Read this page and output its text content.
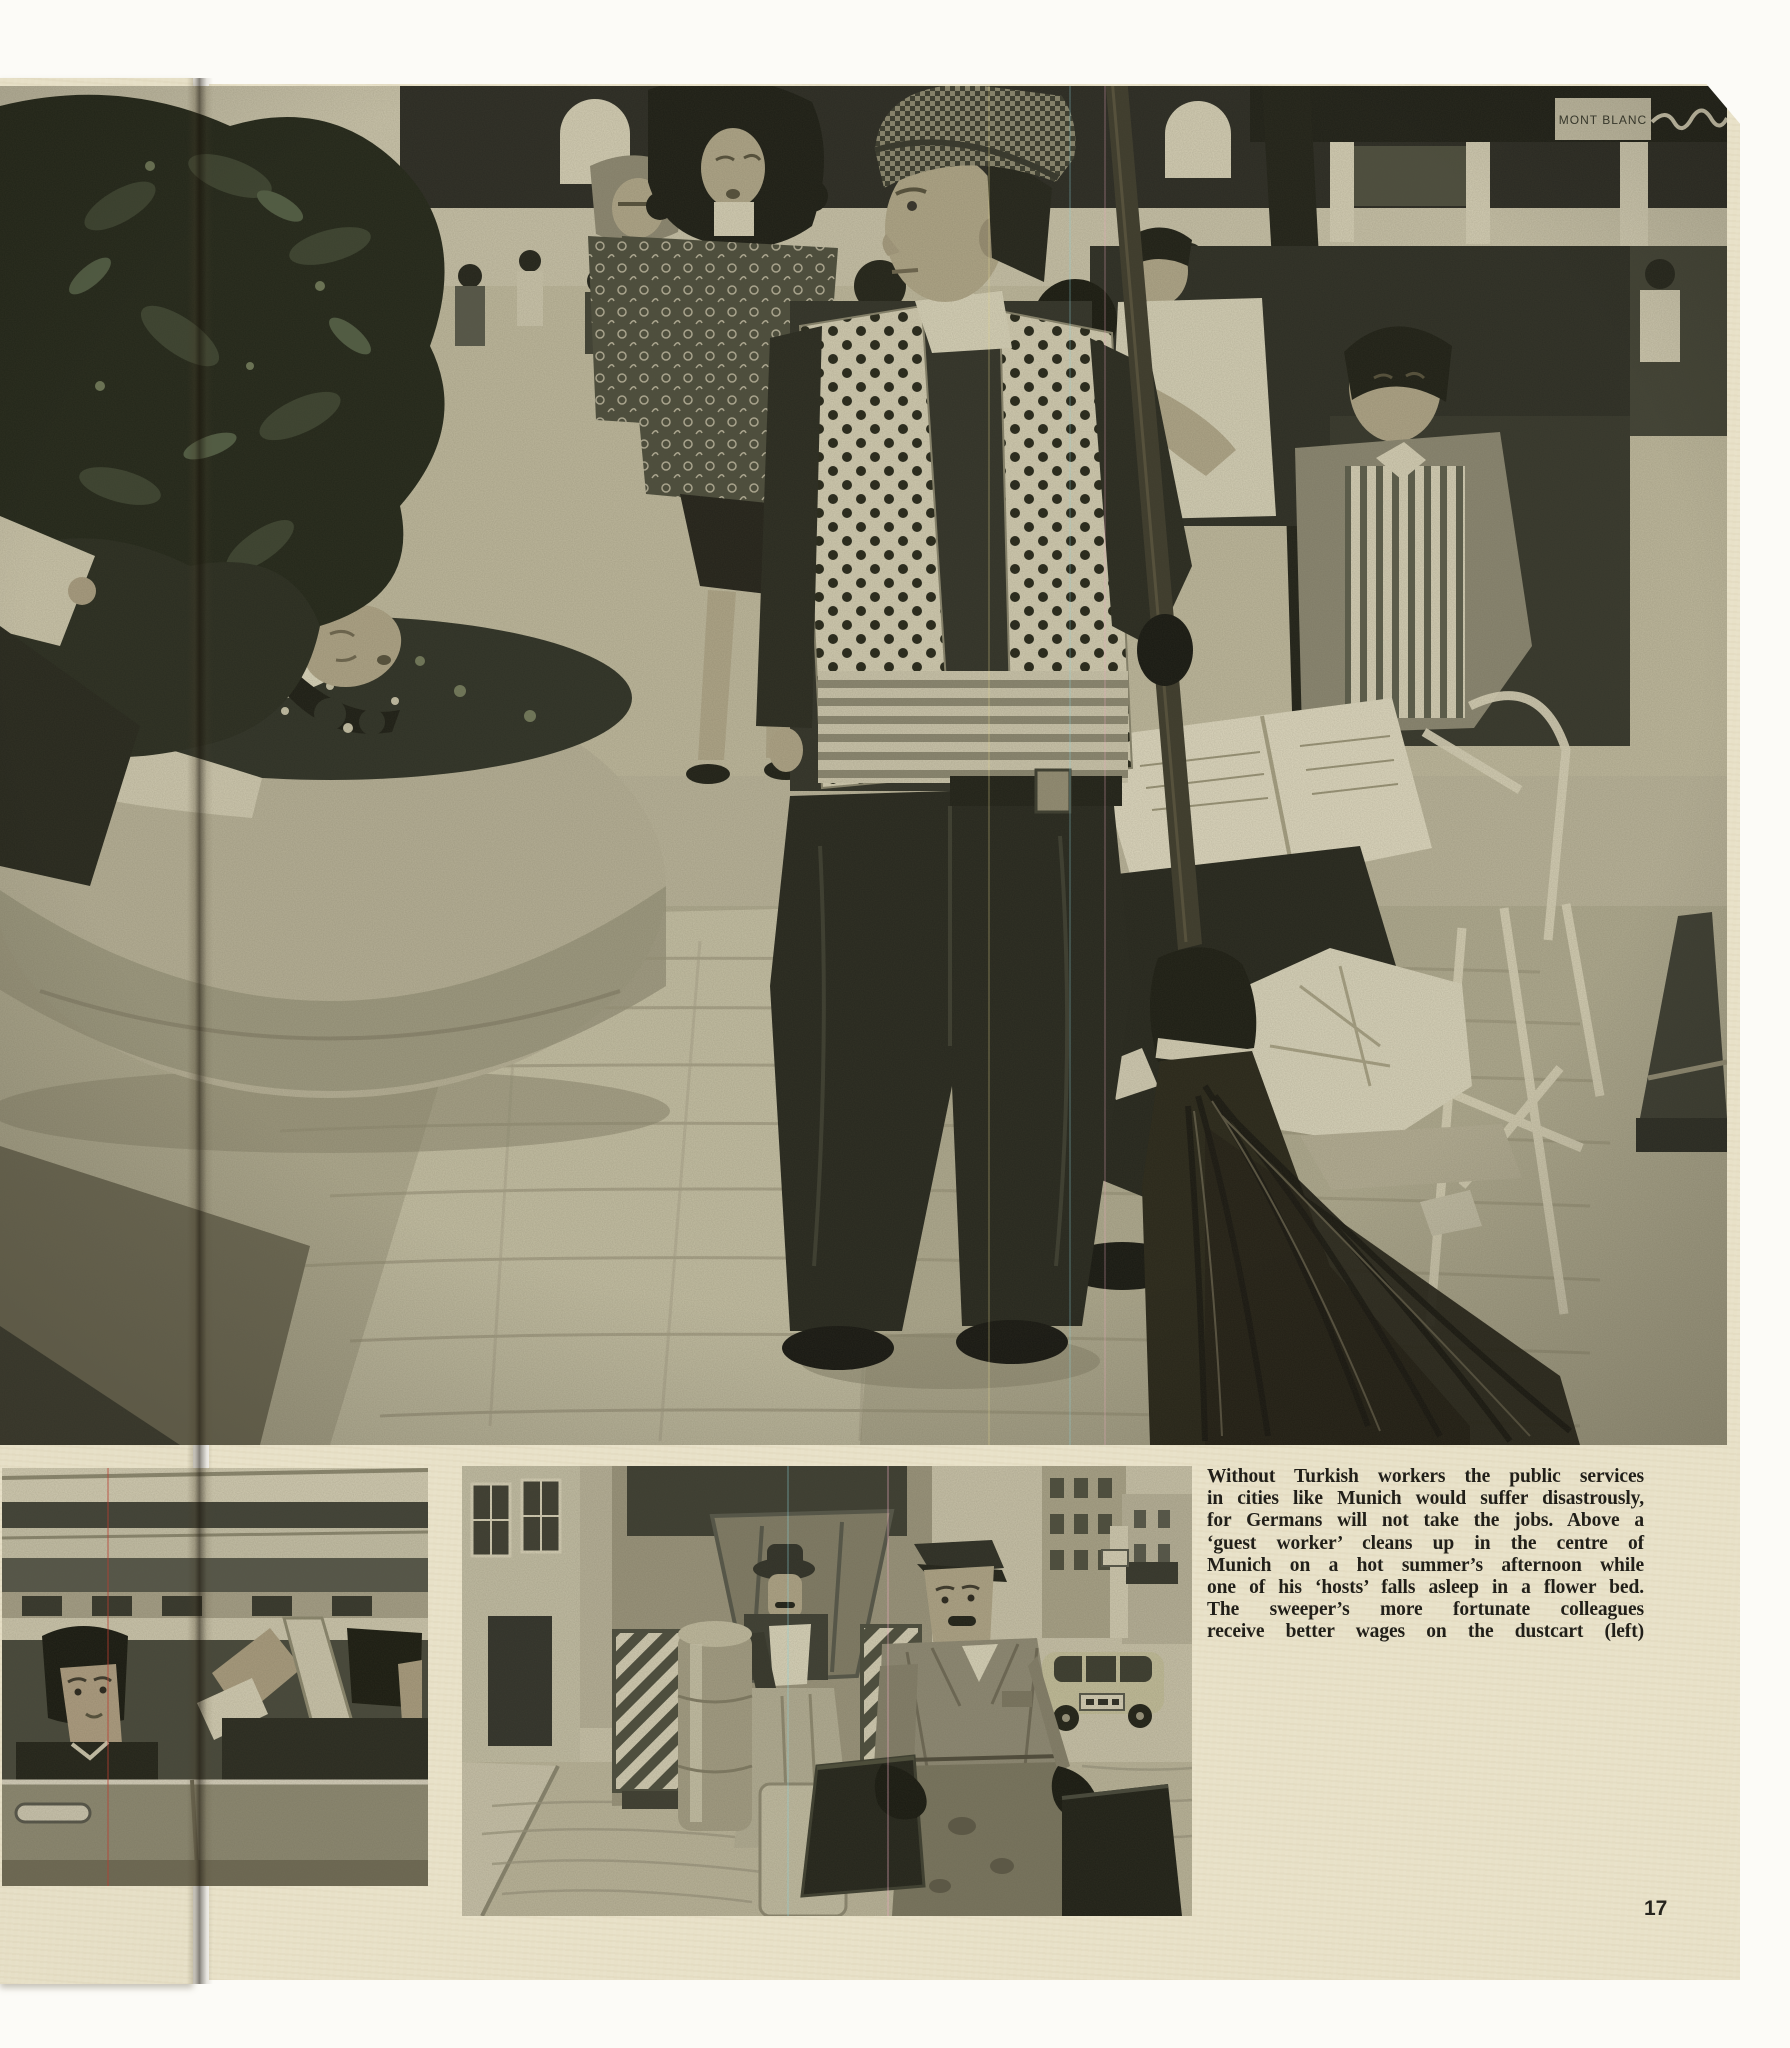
Without Turkish workers the public services
in cities like Munich would suffer disastrously,
for Germans will not take the jobs. Above a
‘guest worker’ cleans up in the centre of
Munich on a hot summer’s afternoon while
one of his ‘hosts’ falls asleep in a flower bed.
The sweeper’s more fortunate colleagues
receive better wages on the dustcart (left)
17
